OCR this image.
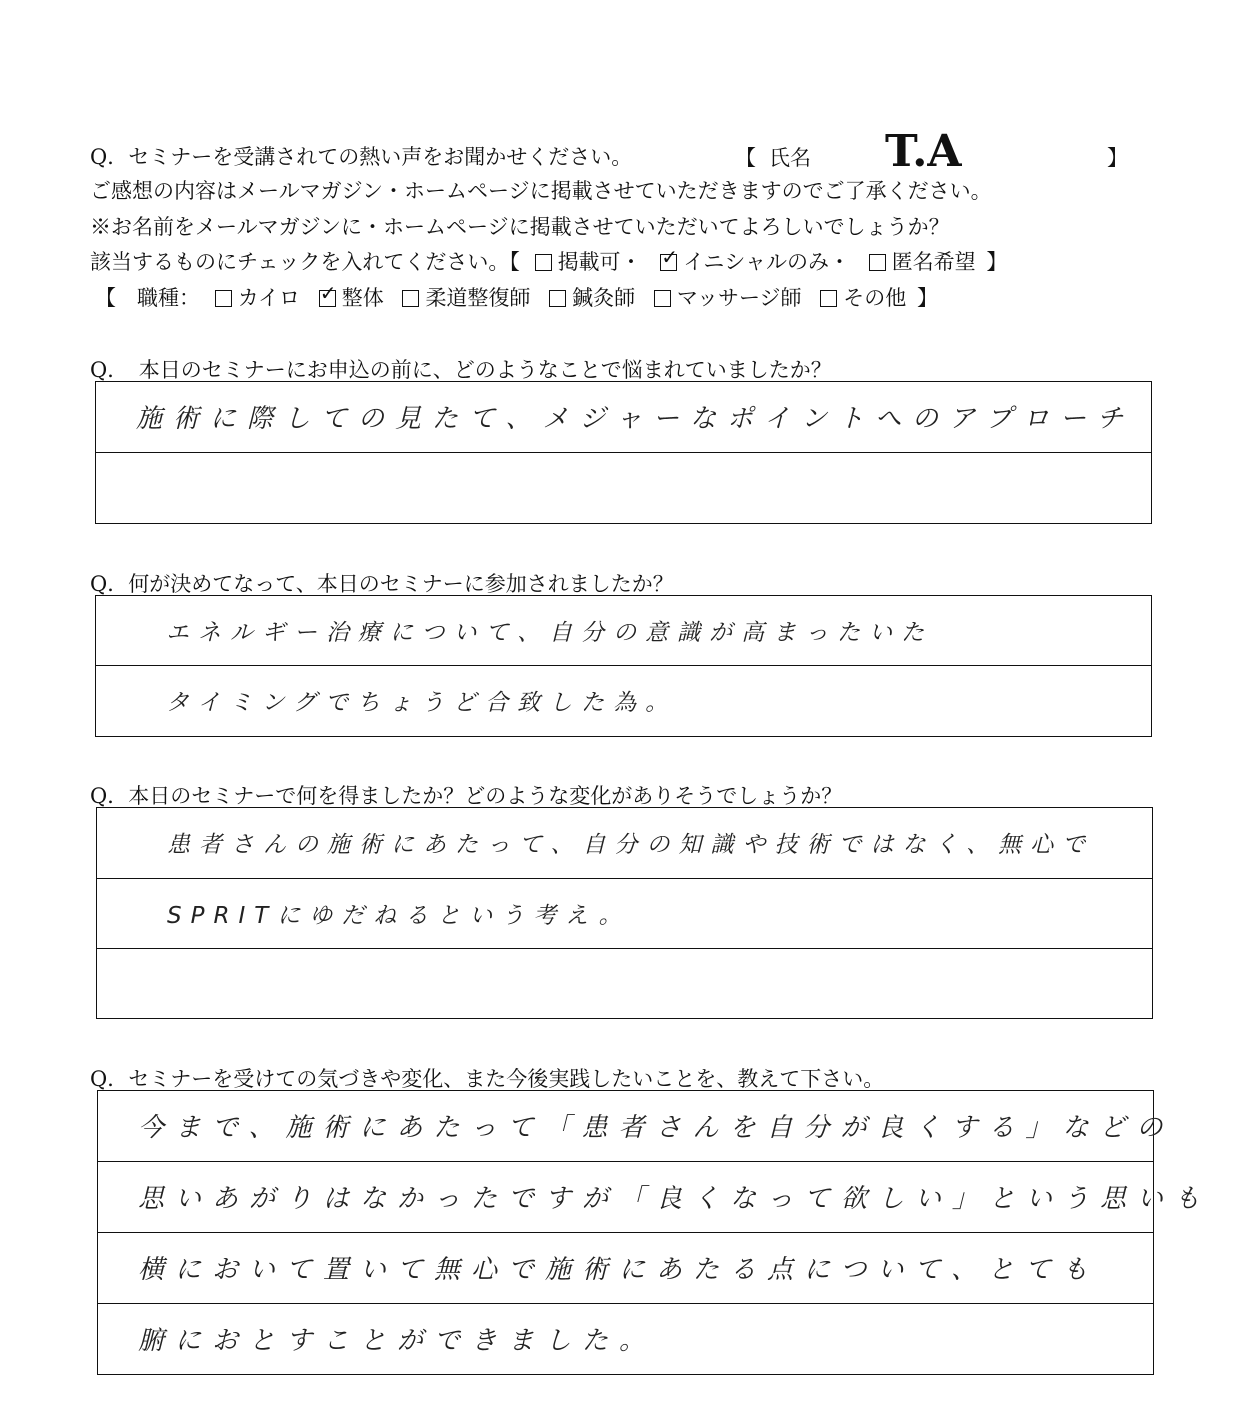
Q．セミナーを受講されての熱い声をお聞かせください。	【 氏名 T.A	】
ご感想の内容はメールマガジン・ホームページに掲載させていただきますのでご了承ください。
※お名前をメールマガジンに・ホームページに掲載させていただいてよろしいでしょうか？
該当するものにチェックを入れてください。【 掲載可・ ✓ イニシャルのみ・ 匿名希望 】
【　職種： カイロ ✓ 整体 柔道整復師 鍼灸師 マッサージ師 その他 】
Q．　本日のセミナーにお申込の前に、どのようなことで悩まれていましたか？
施術に際しての見たて、メジャーなポイントへのアプローチ
Q．何が決めてなって、本日のセミナーに参加されましたか？
エネルギー治療について、自分の意識が高まったいた
タイミングでちょうど合致した為。
Q．本日のセミナーで何を得ましたか？どのような変化がありそうでしょうか？
患者さんの施術にあたって、自分の知識や技術ではなく、無心で
SPRITにゆだねるという考え。
Q．セミナーを受けての気づきや変化、また今後実践したいことを、教えて下さい。
今まで、施術にあたって「患者さんを自分が良くする」などの
思いあがりはなかったですが「良くなって欲しい」という思いも
横において置いて無心で施術にあたる点について、とても
腑におとすことができました。
